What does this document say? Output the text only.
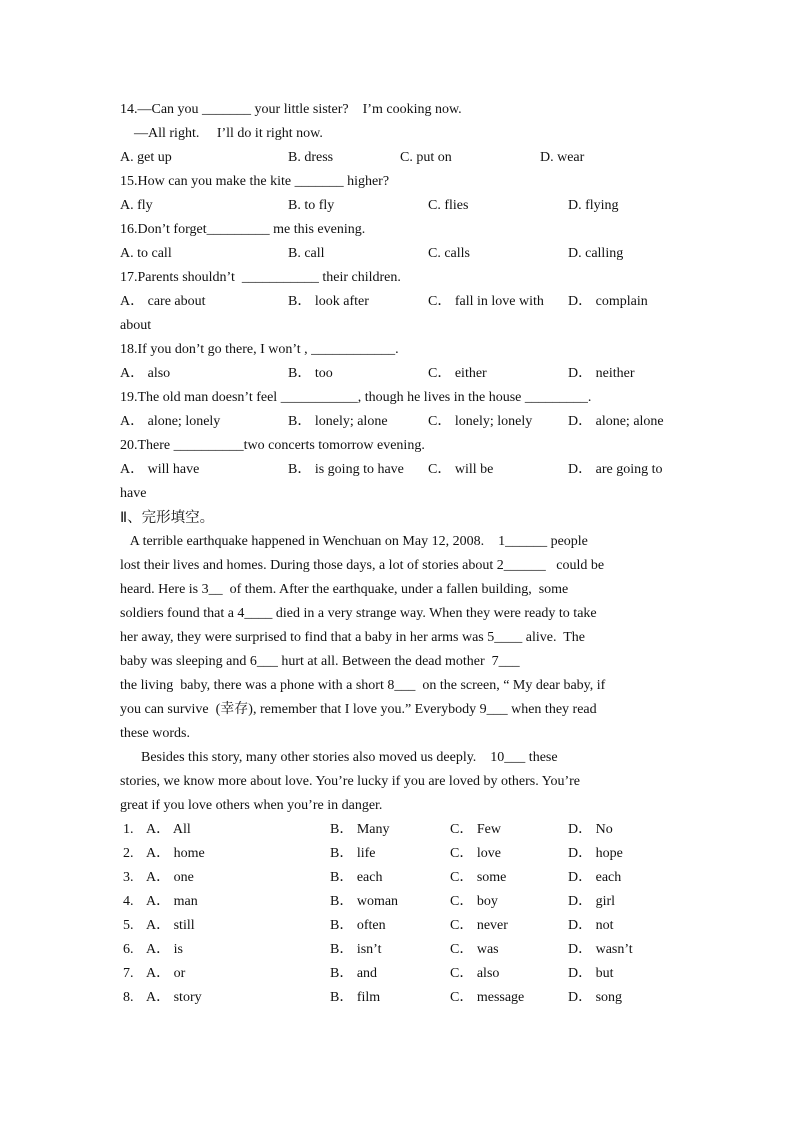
14.—Can you _______ your little sister?    I’m cooking now.
—All right.     I’ll do it right now.
A. get up	B. dress	C. put on	D. wear
15.How can you make the kite _______ higher?
A. fly	B. to fly	C. flies	D. flying
16.Don’t forget_________ me this evening.
A. to call	B. call	C. calls	D. calling
17.Parents shouldn’t  ___________ their children.
A． care about	B． look after	C． fall in love with D． complain
about
18.If you don’t go there, I won’t , ____________.
A． also	B． too	C． either	D． neither
19.The old man doesn’t feel ___________, though he lives in the house _________.
A． alone; lonely	B． lonely; alone	C． lonely; lonely	D． alone; alone
20.There __________two concerts tomorrow evening.
A． will have	B． is going to have C． will be	D． are going to
have
Ⅱ、完形填空。
A terrible earthquake happened in Wenchuan on May 12, 2008.    1______ people
lost their lives and homes. During those days, a lot of stories about 2______   could be
heard. Here is 3__  of them. After the earthquake, under a fallen building,  some
soldiers found that a 4____ died in a very strange way. When they were ready to take
her away, they were surprised to find that a baby in her arms was 5____ alive.  The
baby was sleeping and 6___ hurt at all. Between the dead mother  7___
the living  baby, there was a phone with a short 8___  on the screen, “ My dear baby, if
you can survive  (幸存), remember that I love you.” Everybody 9___ when they read
these words.
Besides this story, many other stories also moved us deeply.    10___ these
stories, we know more about love. You’re lucky if you are loved by others. You’re
great if you love others when you’re in danger.
1. A． All	B． Many	C． Few	D． No
2. A． home	B． life	C． love	D． hope
3. A． one	B． each	C． some	D． each
4. A． man	B． woman	C． boy	D． girl
5. A． still	B． often	C． never	D． not
6. A． is	B． isn’t	C． was	D． wasn’t
7. A． or	B． and	C． also	D． but
8. A． story	B． film	C． message	D． song
